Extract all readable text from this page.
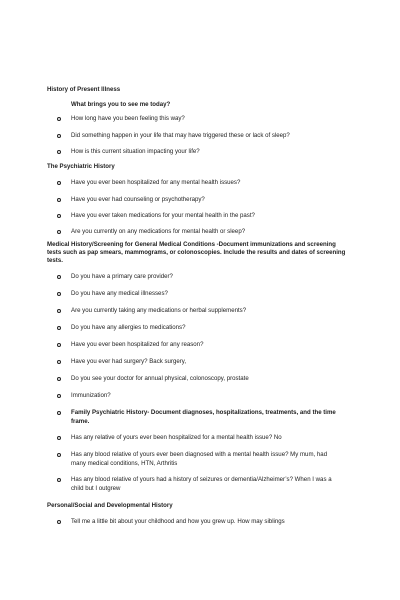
History of Present Illness
What brings you to see me today?
How long have you been feeling this way?
Did something happen in your life that may have triggered these or lack of sleep?
How is this current situation impacting your life?
The Psychiatric History
Have you ever been hospitalized for any mental health issues?
Have you ever had counseling or psychotherapy?
Have you ever taken medications for your mental health in the past?
Are you currently on any medications for mental health or sleep?
Medical History/Screening for General Medical Conditions -Document immunizations and screening
tests such as pap smears, mammograms, or colonoscopies. Include the results and dates of screening
tests.
Do you have a primary care provider?
Do you have any medical illnesses?
Are you currently taking any medications or herbal supplements?
Do you have any allergies to medications?
Have you ever been hospitalized for any reason?
Have you ever had surgery? Back surgery,
Do you see your doctor for annual physical, colonoscopy, prostate
Immunization?
Family Psychiatric History- Document diagnoses, hospitalizations, treatments, and the time
frame.
Has any relative of yours ever been hospitalized for a mental health issue? No
Has any blood relative of yours ever been diagnosed with a mental health issue? My mum, had
many medical conditions, HTN, Arthritis
Has any blood relative of yours had a history of seizures or dementia/Alzheimer’s? When I was a
child but I outgrew
Personal/Social and Developmental History
Tell me a little bit about your childhood and how you grew up. How may siblings
